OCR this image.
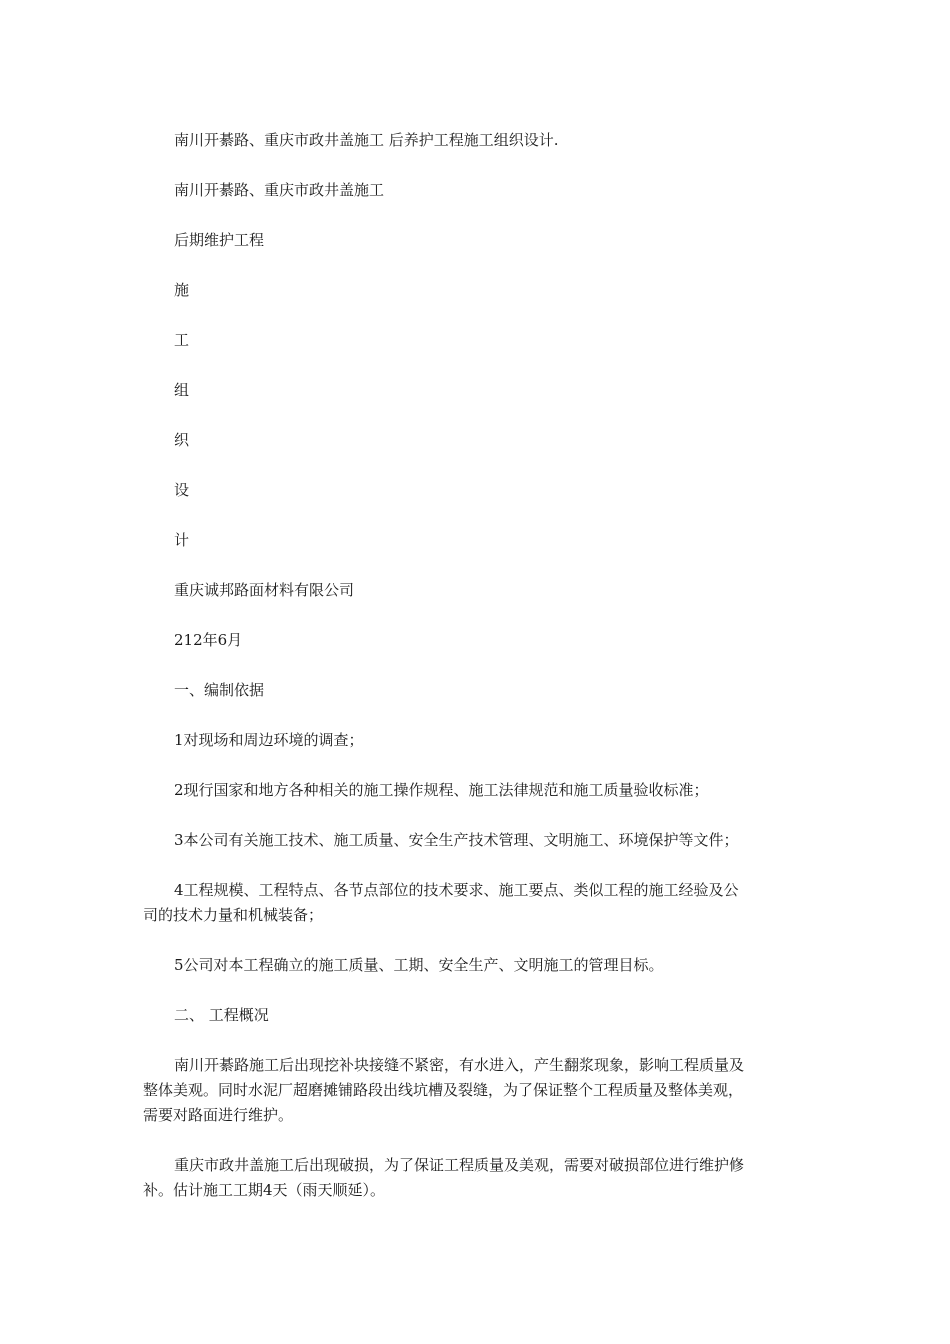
南川开綦路、重庆市政井盖施工 后养护工程施工组织设计.

南川开綦路、重庆市政井盖施工

后期维护工程

施

工

组

织

设

计

重庆诚邦路面材料有限公司

212年6月

一、编制依据

1对现场和周边环境的调查；

2现行国家和地方各种相关的施工操作规程、施工法律规范和施工质量验收标准；

3本公司有关施工技术、施工质量、安全生产技术管理、文明施工、环境保护等文件；

4工程规模、工程特点、各节点部位的技术要求、施工要点、类似工程的施工经验及公

司的技术力量和机械装备；

5公司对本工程确立的施工质量、工期、安全生产、文明施工的管理目标。

二、 工程概况

南川开綦路施工后出现挖补块接缝不紧密，有水进入，产生翻浆现象，影响工程质量及

整体美观。同时水泥厂超磨摊铺路段出线坑槽及裂缝，为了保证整个工程质量及整体美观，

需要对路面进行维护。

重庆市政井盖施工后出现破损，为了保证工程质量及美观，需要对破损部位进行维护修

补。估计施工工期4天（雨天顺延）。
